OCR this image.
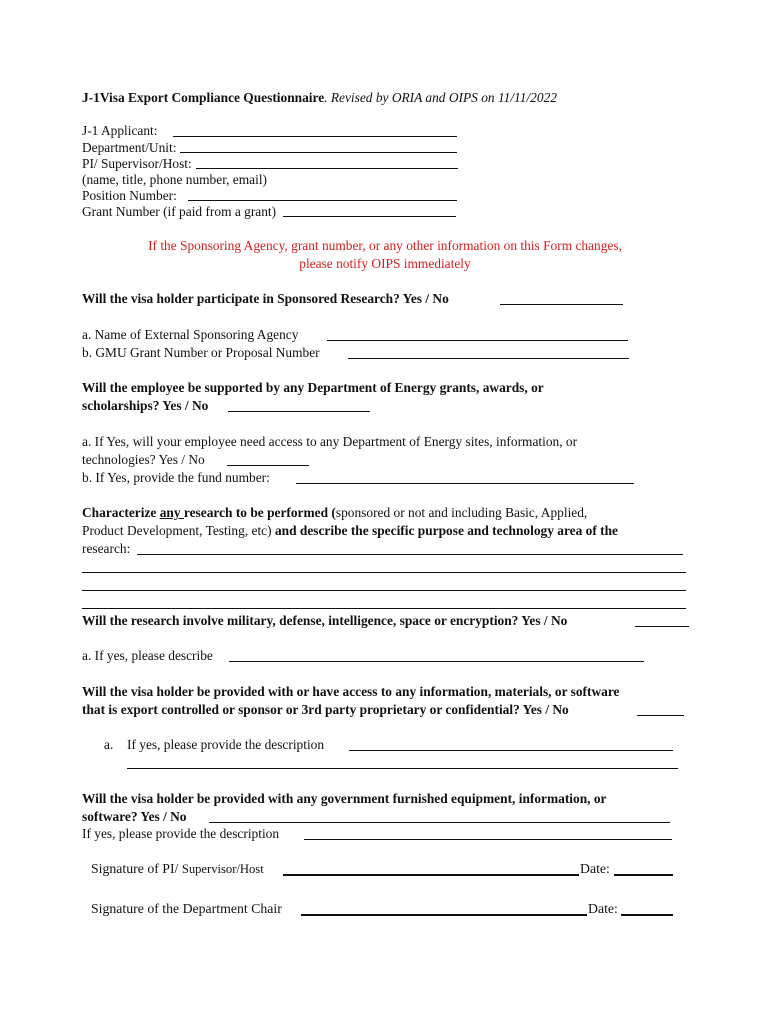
J-1Visa Export Compliance Questionnaire. Revised by ORIA and OIPS on 11/11/2022
J-1 Applicant:
Department/Unit:
PI/ Supervisor/Host:
(name, title, phone number, email)
Position Number:
Grant Number (if paid from a grant)
If the Sponsoring Agency, grant number, or any other information on this Form changes,
please notify OIPS immediately
Will the visa holder participate in Sponsored Research? Yes / No
a. Name of External Sponsoring Agency
b. GMU Grant Number or Proposal Number
Will the employee be supported by any Department of Energy grants, awards, or
scholarships? Yes / No
a. If Yes, will your employee need access to any Department of Energy sites, information, or
technologies? Yes / No
b. If Yes, provide the fund number:
Characterize any research to be performed (sponsored or not and including Basic, Applied,
Product Development, Testing, etc) and describe the specific purpose and technology area of the
research:
Will the research involve military, defense, intelligence, space or encryption? Yes / No
a. If yes, please describe
Will the visa holder be provided with or have access to any information, materials, or software
that is export controlled or sponsor or 3rd party proprietary or confidential? Yes / No
a. If yes, please provide the description
Will the visa holder be provided with any government furnished equipment, information, or
software? Yes / No
If yes, please provide the description
Signature of PI/ Supervisor/Host	Date:
Signature of the Department Chair	Date:
